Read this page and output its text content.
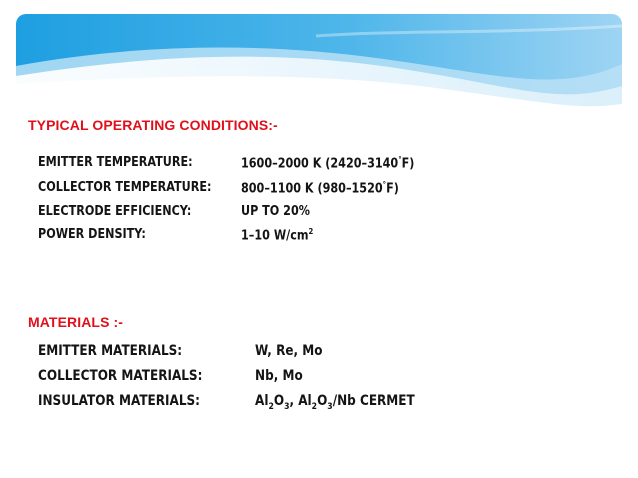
TYPICAL OPERATING CONDITIONS:-
EMITTER TEMPERATURE:	1600–2000 K (2420–3140°F)
COLLECTOR TEMPERATURE: 800–1100 K (980–1520°F)
ELECTRODE EFFICIENCY:	UP TO 20%
POWER DENSITY:	1–10 $W/cm^2$
MATERIALS :-
EMITTER MATERIALS:	W, Re, Mo
COLLECTOR MATERIALS:	Nb, Mo
INSULATOR MATERIALS:	$Al_2O_3$, $Al_2O_3/Nb$ CERMET
